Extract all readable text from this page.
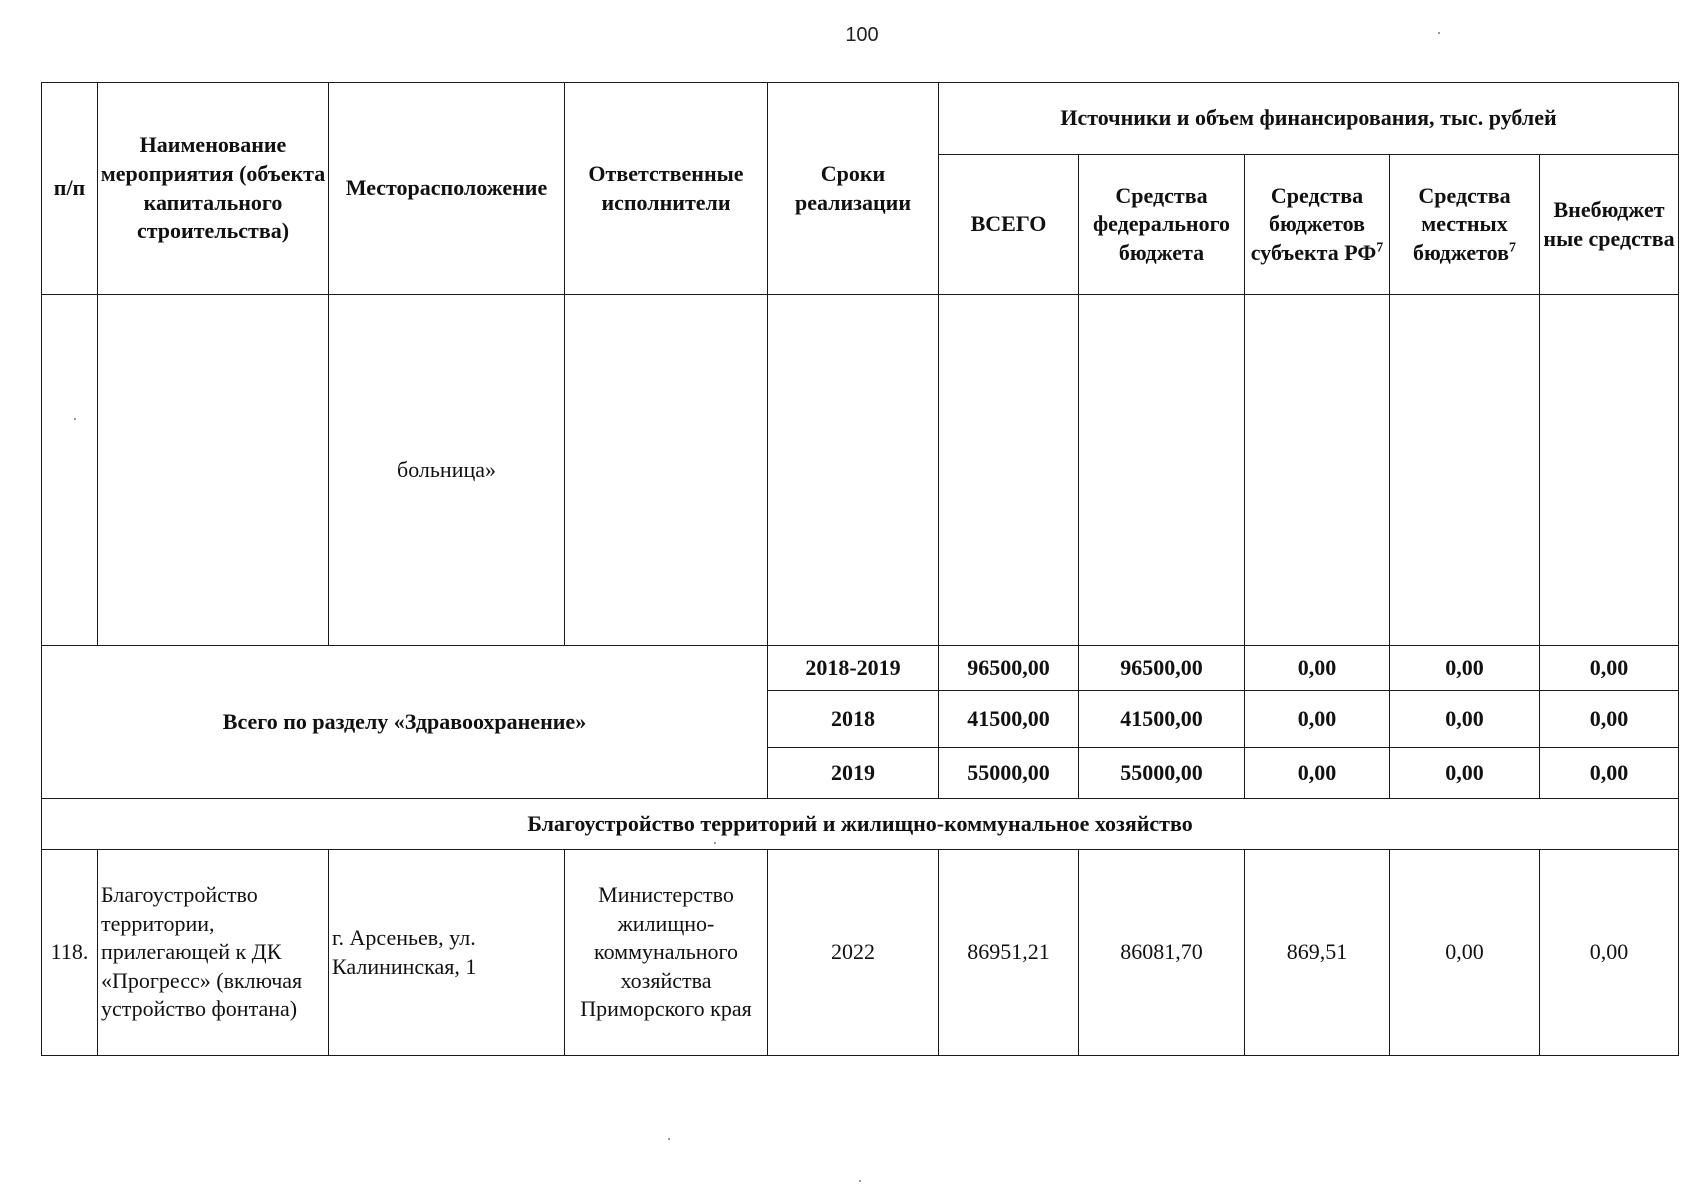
100
п/п	Наименование мероприятия (объекта капитального строительства)	Месторасположение	Ответственные исполнители	Сроки реализации	Источники и объем финансирования, тыс. рублей				
					ВСЕГО	Средства федерального бюджета	Средства бюджетов субъекта $РФ^7$	Средства местных бюджетов$^7$	Внебюджет ные средства
		больница»							
Всего по разделу «Здравоохранение»				2018-2019	96500,00	96500,00	0,00	0,00	0,00
				2018	41500,00	41500,00	0,00	0,00	0,00
				2019	55000,00	55000,00	0,00	0,00	0,00
Благоустройство территорий и жилищно-коммунальное хозяйство									
118.	Благоустройство территории, прилегающей к ДК «Прогресс» (включая устройство фонтана)	г. Арсеньев, ул. Калининская, 1	Министерство жилищно-коммунального хозяйства Приморского края	2022	86951,21	86081,70	869,51	0,00	0,00
